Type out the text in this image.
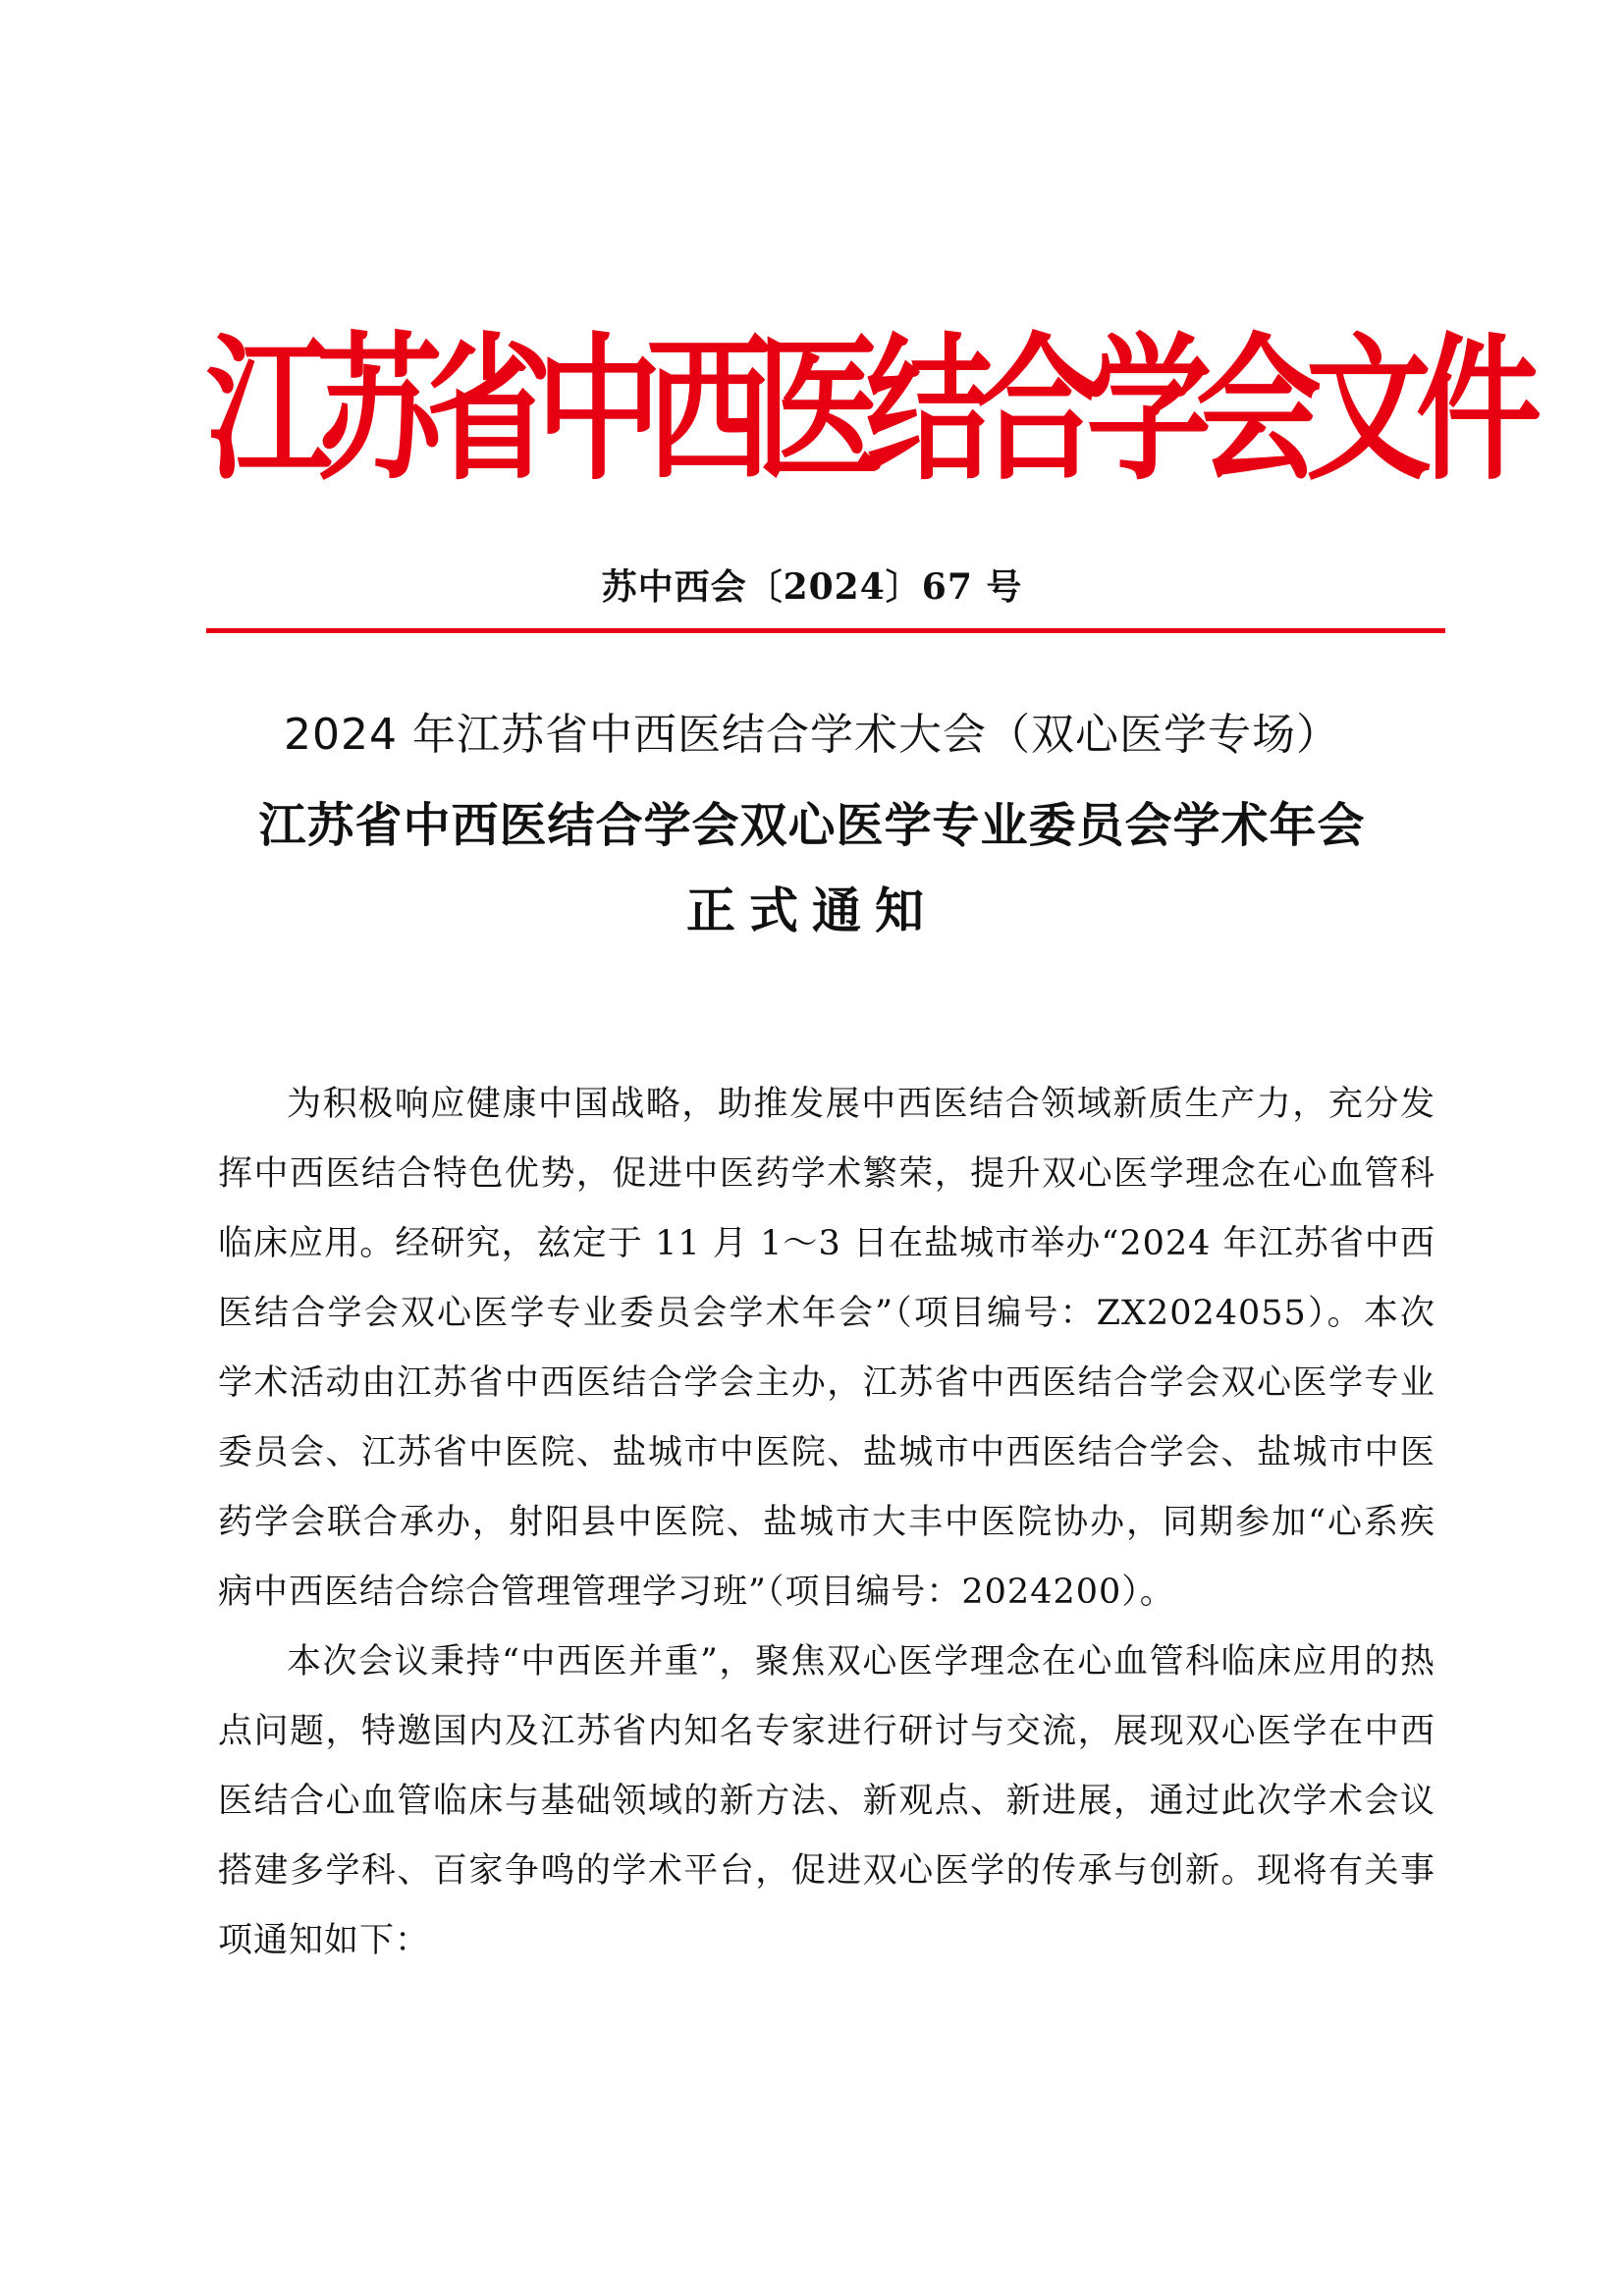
江苏省中西医结合学会文件
苏中西会〔2024〕67 号
2024 年江苏省中西医结合学术大会（双心医学专场）
江苏省中西医结合学会双心医学专业委员会学术年会
正式通知

为积极响应健康中国战略，助推发展中西医结合领域新质生产力，充分发挥中西医结合特色优势，促进中医药学术繁荣，提升双心医学理念在心血管科临床应用。经研究，兹定于 11 月 1～3 日在盐城市举办“2024 年江苏省中西医结合学会双心医学专业委员会学术年会”（项目编号：ZX2024055）。本次学术活动由江苏省中西医结合学会主办，江苏省中西医结合学会双心医学专业委员会、江苏省中医院、盐城市中医院、盐城市中西医结合学会、盐城市中医药学会联合承办，射阳县中医院、盐城市大丰中医院协办，同期参加“心系疾病中西医结合综合管理管理学习班”（项目编号：2024200）。

本次会议秉持“中西医并重”，聚焦双心医学理念在心血管科临床应用的热点问题，特邀国内及江苏省内知名专家进行研讨与交流，展现双心医学在中西医结合心血管临床与基础领域的新方法、新观点、新进展，通过此次学术会议搭建多学科、百家争鸣的学术平台，促进双心医学的传承与创新。现将有关事项通知如下：
